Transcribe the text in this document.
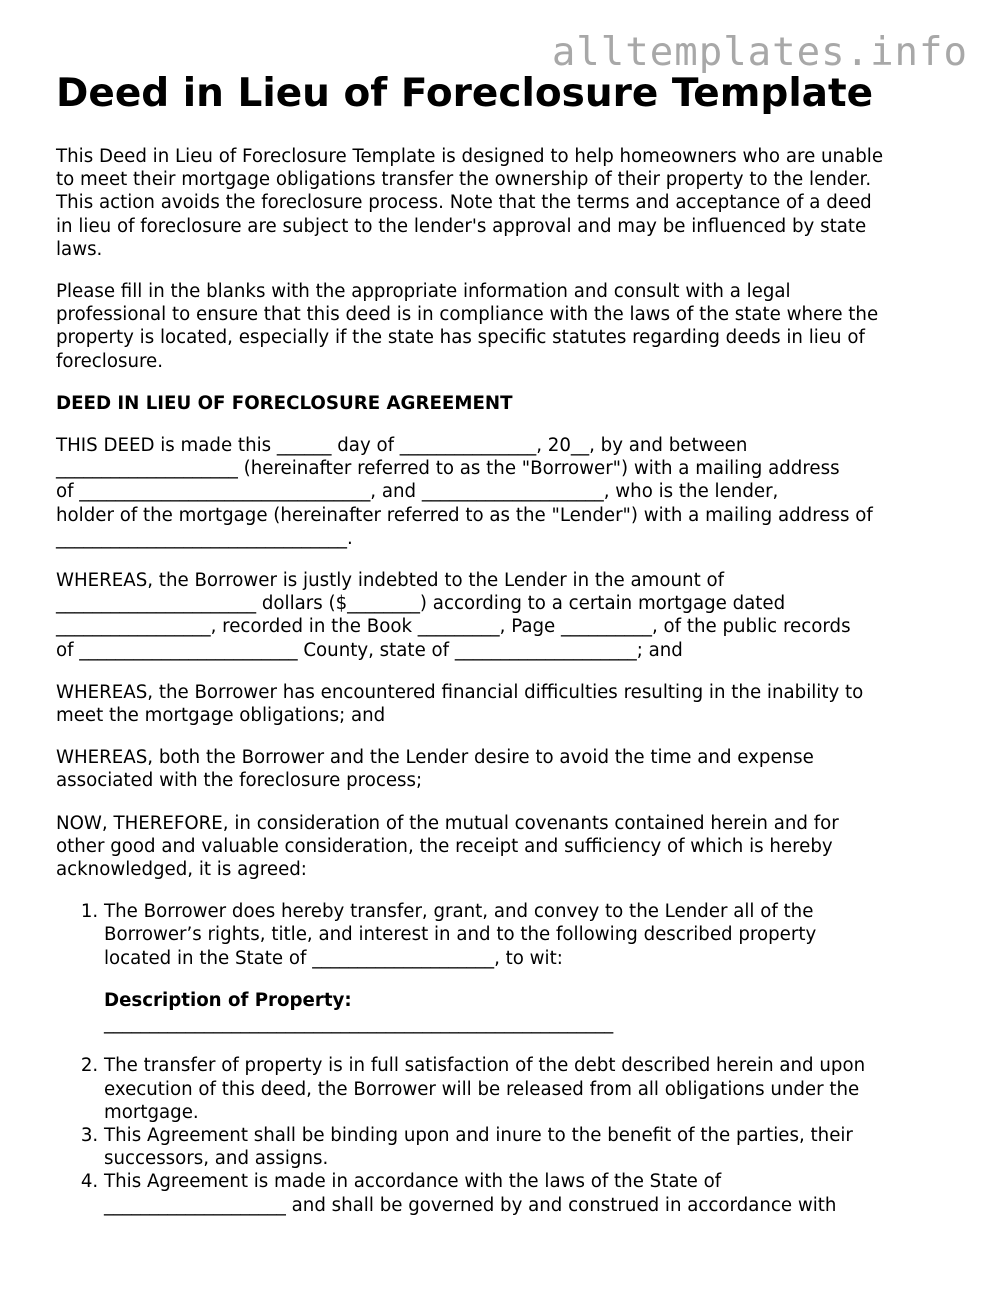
alltemplates.info
Deed in Lieu of Foreclosure Template

This Deed in Lieu of Foreclosure Template is designed to help homeowners who are unable
to meet their mortgage obligations transfer the ownership of their property to the lender.
This action avoids the foreclosure process. Note that the terms and acceptance of a deed
in lieu of foreclosure are subject to the lender's approval and may be influenced by state
laws.

Please fill in the blanks with the appropriate information and consult with a legal
professional to ensure that this deed is in compliance with the laws of the state where the
property is located, especially if the state has specific statutes regarding deeds in lieu of
foreclosure.

DEED IN LIEU OF FORECLOSURE AGREEMENT

THIS DEED is made this ______ day of _______________, 20__, by and between
____________________ (hereinafter referred to as the "Borrower") with a mailing address
of ________________________________, and ____________________, who is the lender,
holder of the mortgage (hereinafter referred to as the "Lender") with a mailing address of
________________________________.

WHEREAS, the Borrower is justly indebted to the Lender in the amount of
______________________ dollars ($________) according to a certain mortgage dated
_________________, recorded in the Book _________, Page __________, of the public records
of ________________________ County, state of ____________________; and

WHEREAS, the Borrower has encountered financial difficulties resulting in the inability to
meet the mortgage obligations; and

WHEREAS, both the Borrower and the Lender desire to avoid the time and expense
associated with the foreclosure process;

NOW, THEREFORE, in consideration of the mutual covenants contained herein and for
other good and valuable consideration, the receipt and sufficiency of which is hereby
acknowledged, it is agreed:

1. The Borrower does hereby transfer, grant, and convey to the Lender all of the
Borrower’s rights, title, and interest in and to the following described property
located in the State of ____________________, to wit:
Description of Property:
________________________________________________________
2. The transfer of property is in full satisfaction of the debt described herein and upon
execution of this deed, the Borrower will be released from all obligations under the
mortgage.
3. This Agreement shall be binding upon and inure to the benefit of the parties, their
successors, and assigns.
4. This Agreement is made in accordance with the laws of the State of
____________________ and shall be governed by and construed in accordance with
